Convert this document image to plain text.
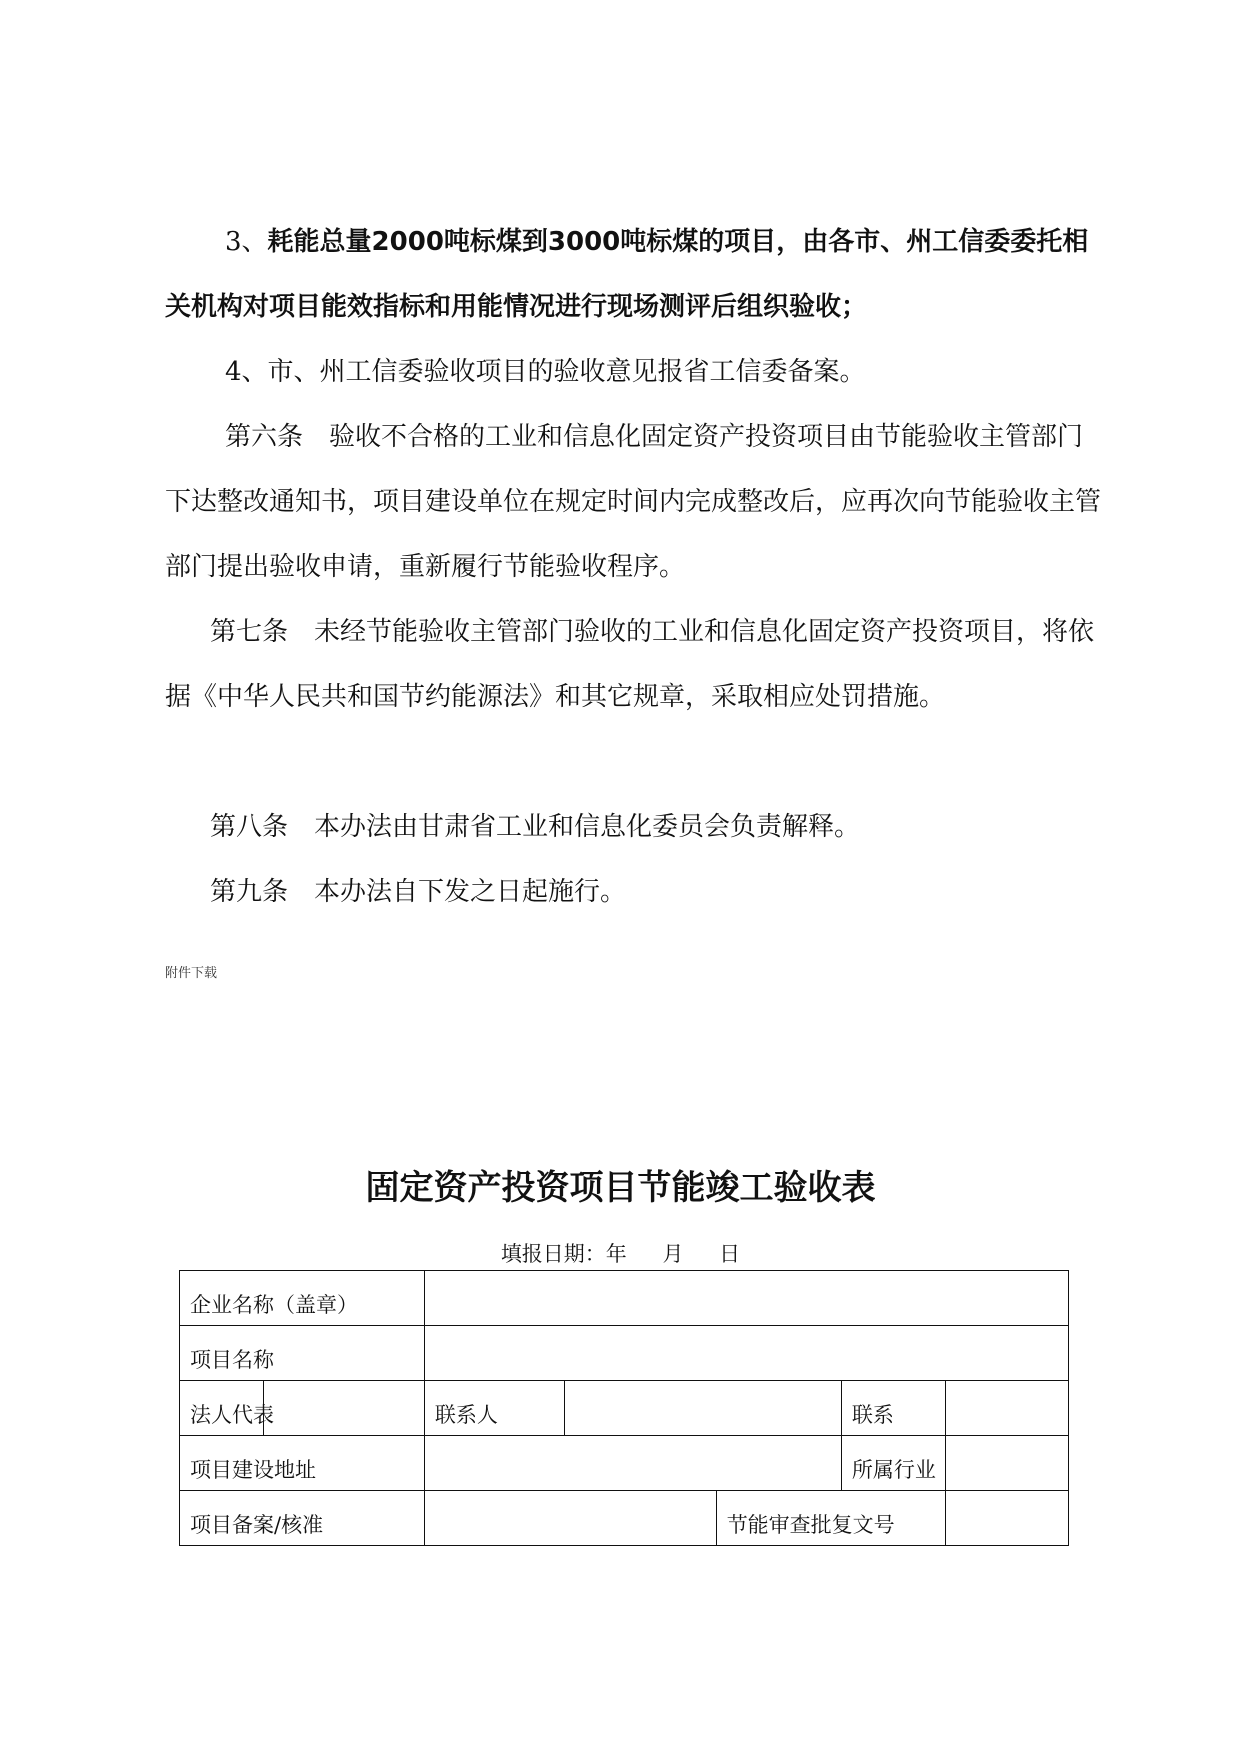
3、耗能总量2000吨标煤到3000吨标煤的项目，由各市、州工信委委托相关机构对项目能效指标和用能情况进行现场测评后组织验收；

4、市、州工信委验收项目的验收意见报省工信委备案。

第六条　验收不合格的工业和信息化固定资产投资项目由节能验收主管部门下达整改通知书，项目建设单位在规定时间内完成整改后，应再次向节能验收主管部门提出验收申请，重新履行节能验收程序。

第七条　未经节能验收主管部门验收的工业和信息化固定资产投资项目，将依据《中华人民共和国节约能源法》和其它规章，采取相应处罚措施。

第八条　本办法由甘肃省工业和信息化委员会负责解释。

第九条　本办法自下发之日起施行。

附件下载
固定资产投资项目节能竣工验收表
填报日期：年　 月　 日
企业名称（盖章）						
项目名称						
法人代表		联系人			联系	
项目建设地址					所属行业	
项目备案/核准				节能审查批复文号		
